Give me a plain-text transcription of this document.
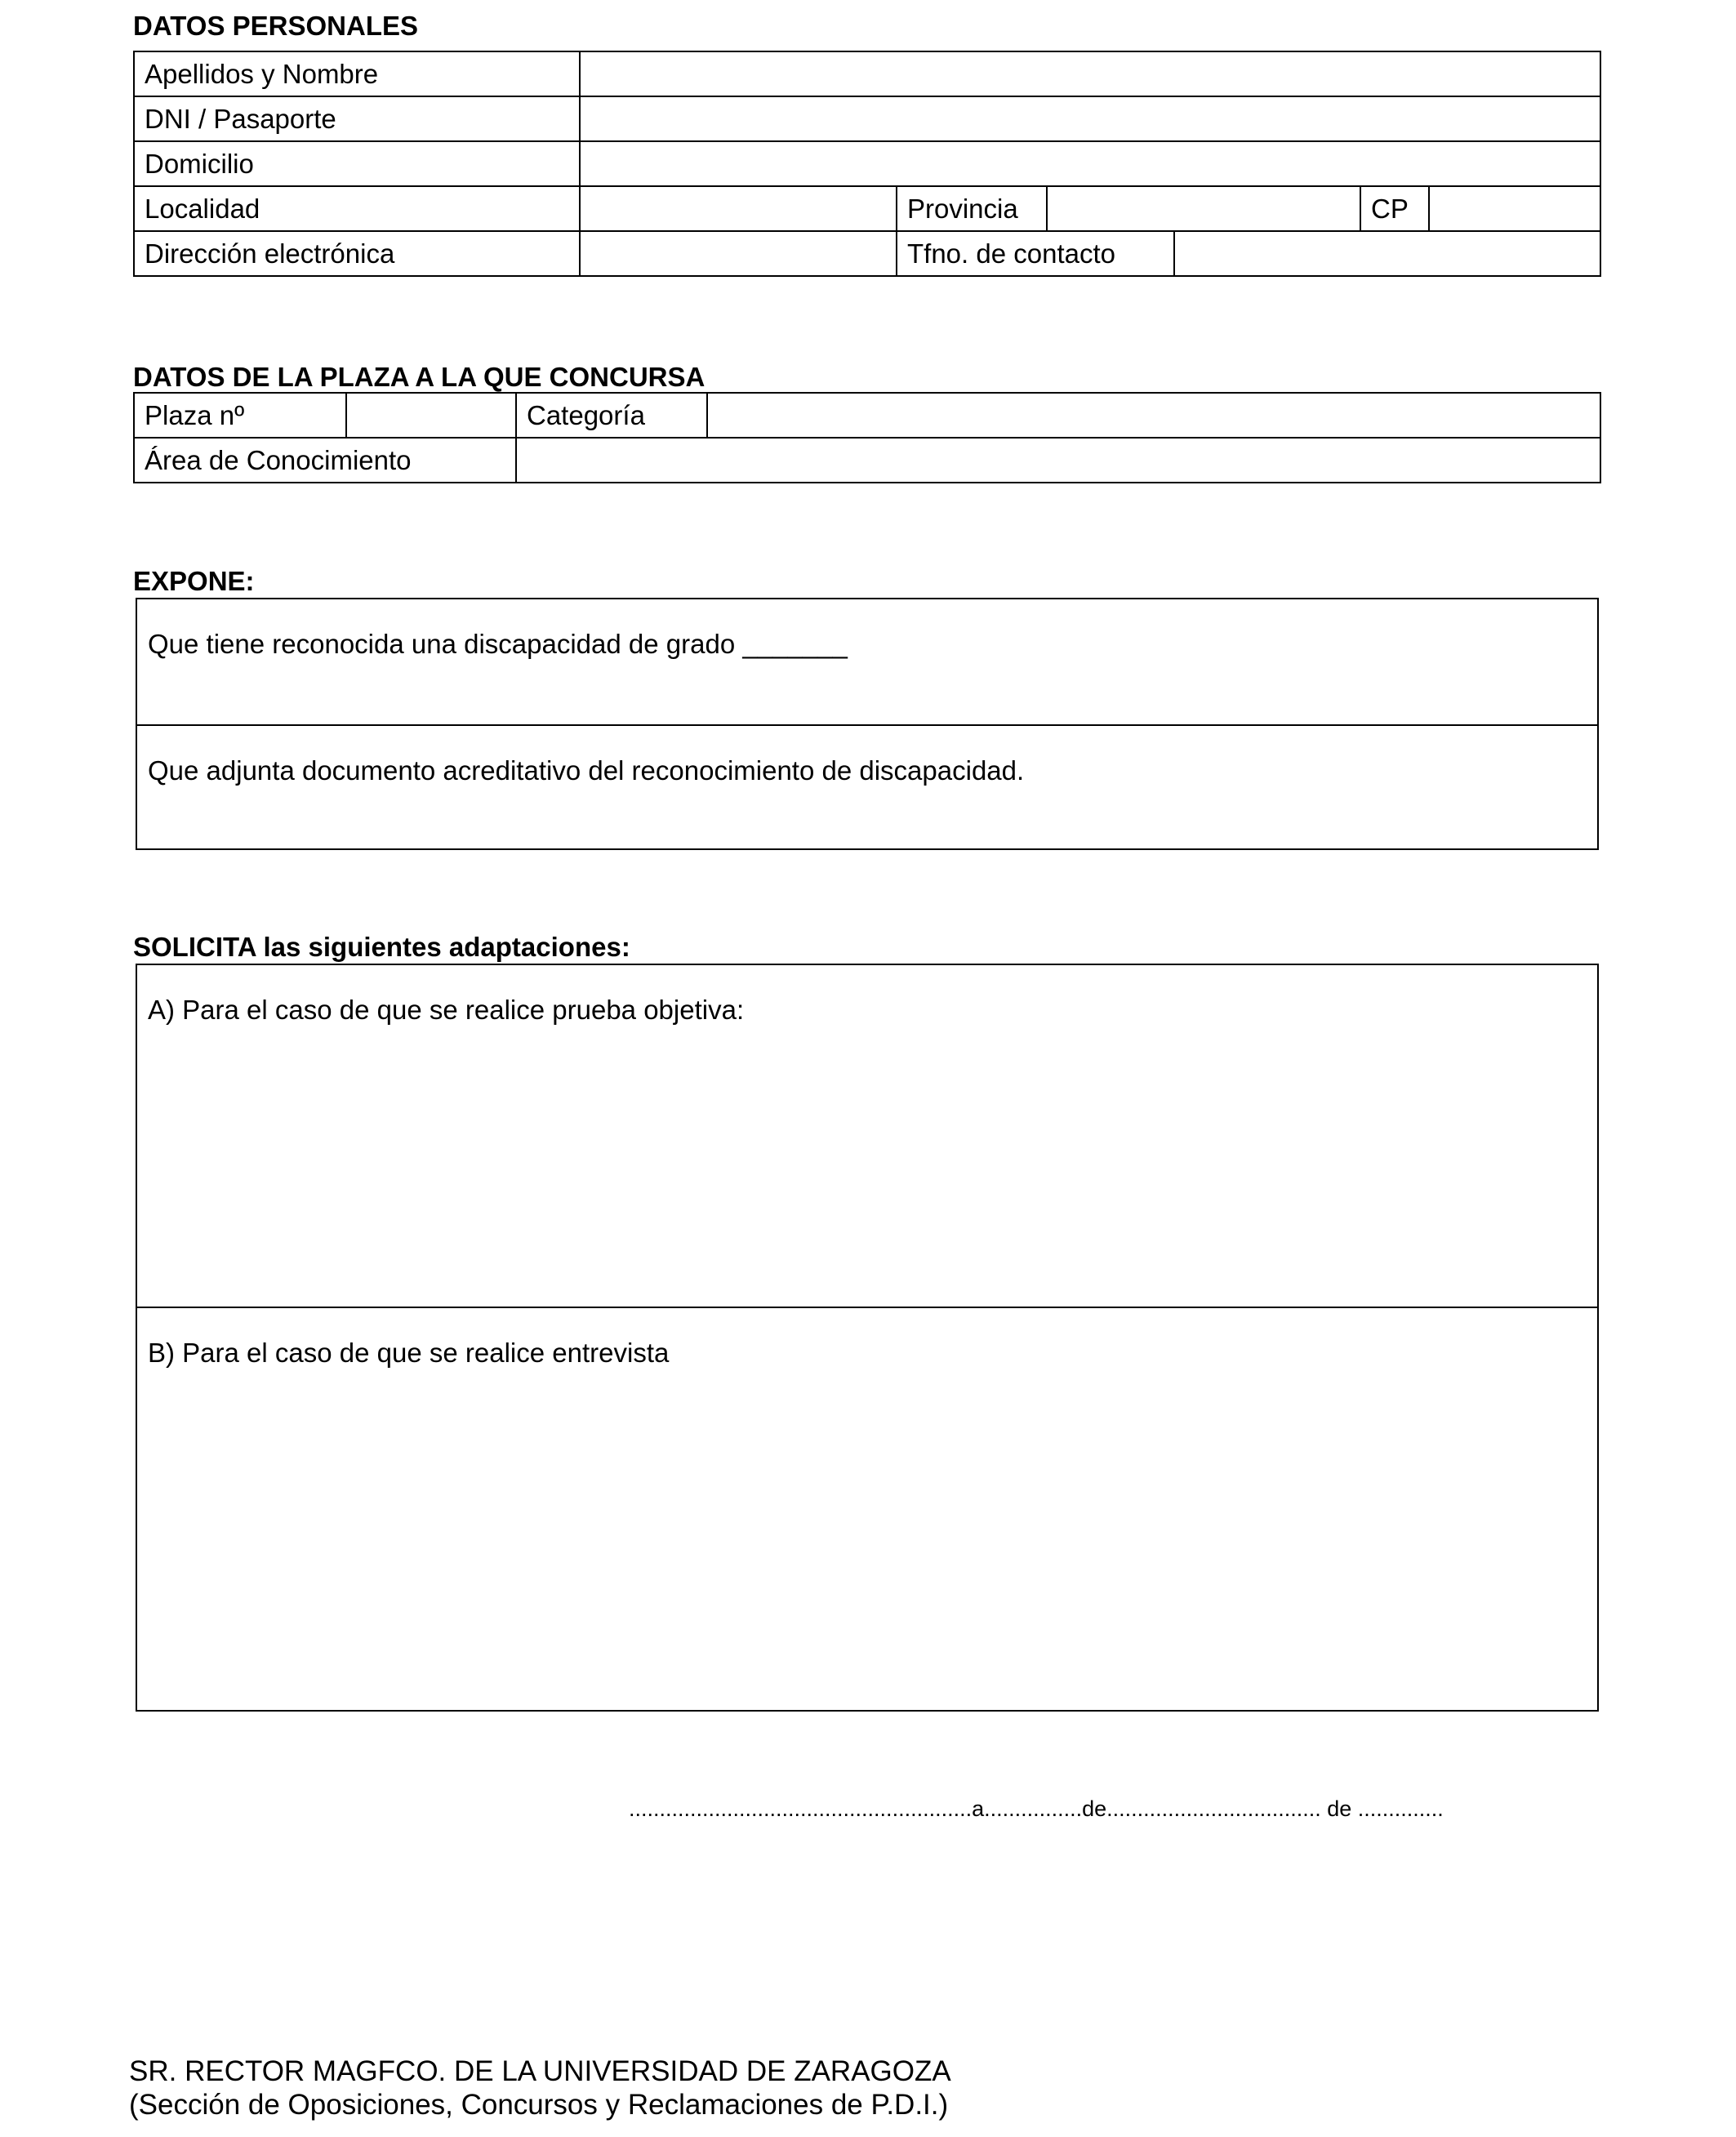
DATOS PERSONALES
Apellidos y Nombre						
DNI / Pasaporte						
Domicilio						
Localidad		Provincia			CP	
Dirección electrónica		Tfno. de contacto				
DATOS DE LA PLAZA A LA QUE CONCURSA
Plaza nº		Categoría	
Área de Conocimiento			
EXPONE:
Que tiene reconocida una discapacidad de grado _______
Que adjunta documento acreditativo del reconocimiento de discapacidad.
SOLICITA las siguientes adaptaciones:
A) Para el caso de que se realice prueba objetiva:
B) Para el caso de que se realice entrevista
........................................................a................de................................... de ..............
SR. RECTOR MAGFCO. DE LA UNIVERSIDAD DE ZARAGOZA
(Sección de Oposiciones, Concursos y Reclamaciones de P.D.I.)
